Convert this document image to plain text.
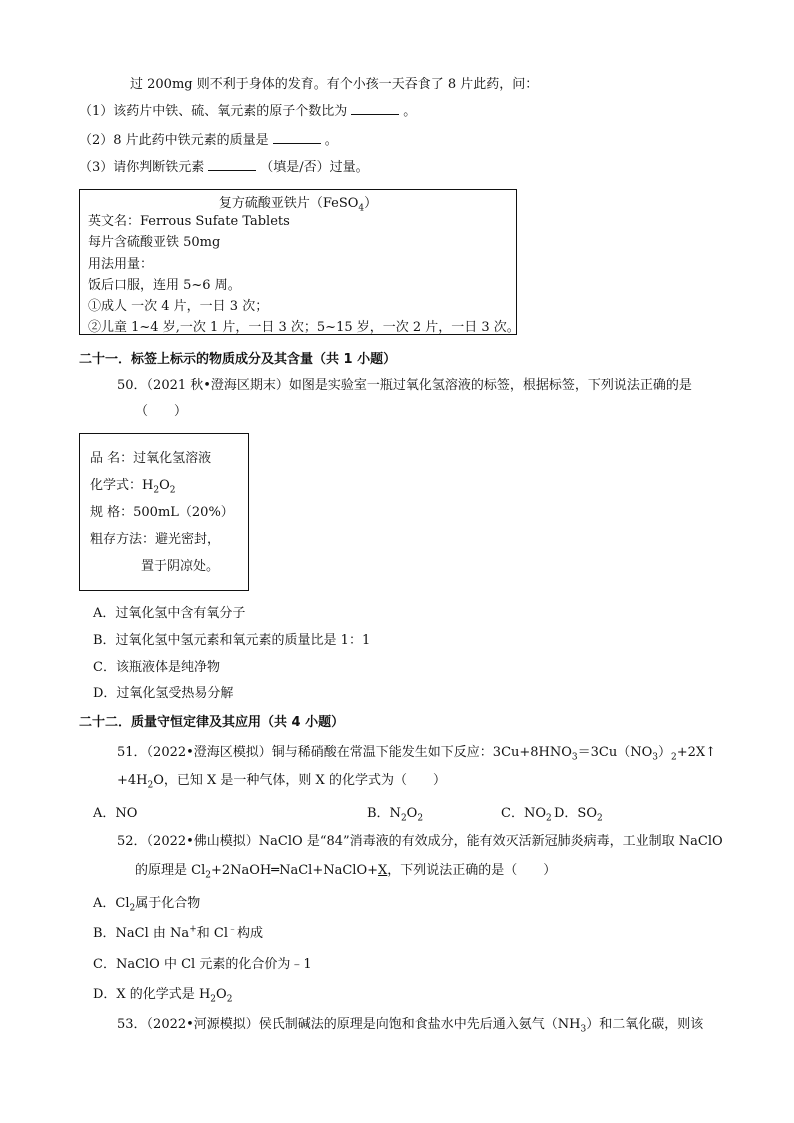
过 200mg 则不利于身体的发育。有个小孩一天吞食了 8 片此药，问：
（1）该药片中铁、硫、氧元素的原子个数比为	。
（2）8 片此药中铁元素的质量是	。
（3）请你判断铁元素	（填是/否）过量。
复方硫酸亚铁片（FeSO$_4$）
英文名：Ferrous Sufate Tablets
每片含硫酸亚铁 50mg
用法用量：
饭后口服，连用 5~6 周。
①成人 一次 4 片，一日 3 次；
②儿童 1~4 岁,一次 1 片，一日 3 次；5~15 岁，一次 2 片，一日 3 次。
二十一．标签上标示的物质成分及其含量（共 1 小题）
50．（2021 秋•澄海区期末）如图是实验室一瓶过氧化氢溶液的标签，根据标签，下列说法正确的是
（　　）
品 名：过氧化氢溶液
化学式：$H_2O_2$
规 格：500mL（20%）
粗存方法：避光密封，
置于阴凉处。
A．过氧化氢中含有氧分子
B．过氧化氢中氢元素和氧元素的质量比是 1：1
C．该瓶液体是纯净物
D．过氧化氢受热易分解
二十二．质量守恒定律及其应用（共 4 小题）
51．（2022•澄海区模拟）铜与稀硝酸在常温下能发生如下反应：$3Cu+8HNO_3=3Cu(NO_3)_2+2X↑$
$+4H_2O$，已知 X 是一种气体，则 X 的化学式为（　　）
A．NO	B．$N_2O_2$	C．$NO_2$ D．$SO_2$
52．（2022•佛山模拟）NaClO 是“84”消毒液的有效成分，能有效灭活新冠肺炎病毒，工业制取 NaClO
的原理是 $Cl_2+2NaOH═NaCl+NaClO+X$，下列说法正确的是（　　）
A．$Cl_2$属于化合物
B．NaCl 由 Na+和 Cl﹣构成
C．NaClO 中 Cl 元素的化合价为﹣1
D．X 的化学式是 $H_2O_2$
53．（2022•河源模拟）侯氏制碱法的原理是向饱和食盐水中先后通入氨气$(NH_3)$和二氧化碳，则该
